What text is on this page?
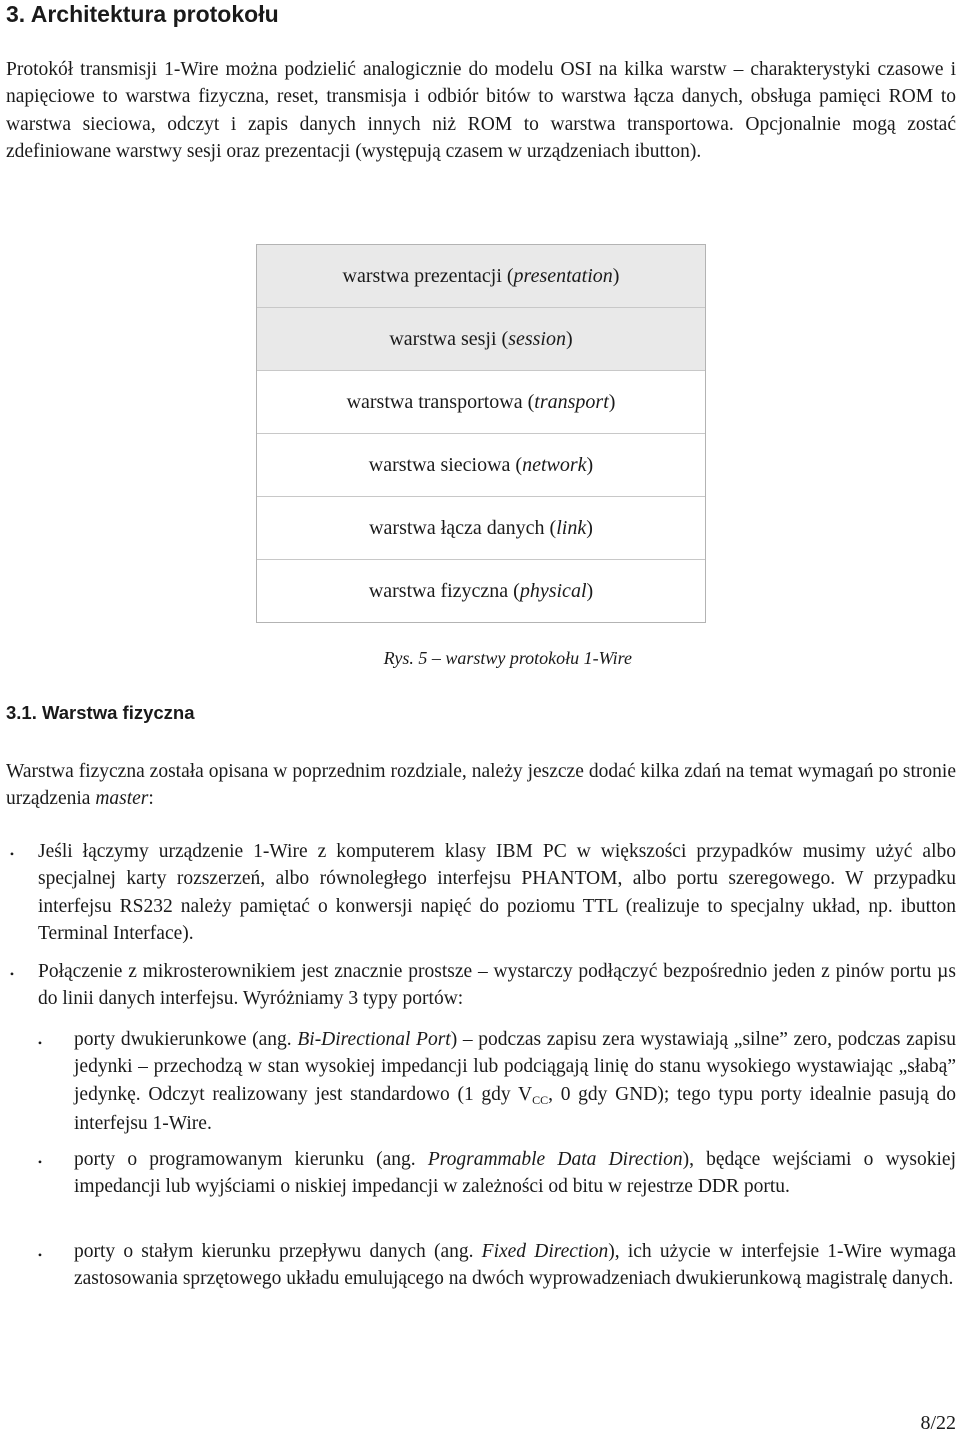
3. Architektura protokołu
Protokół transmisji 1-Wire można podzielić analogicznie do modelu OSI na kilka warstw – charakterystyki czasowe i napięciowe to warstwa fizyczna, reset, transmisja i odbiór bitów to warstwa łącza danych, obsługa pamięci ROM to warstwa sieciowa, odczyt i zapis danych innych niż ROM to warstwa transportowa. Opcjonalnie mogą zostać zdefiniowane warstwy sesji oraz prezentacji (występują czasem w urządzeniach ibutton).
warstwa prezentacji ( presentation )
warstwa sesji ( session )
warstwa transportowa ( transport )
warstwa sieciowa ( network )
warstwa łącza danych ( link )
warstwa fizyczna ( physical )
Rys. 5 – warstwy protokołu 1-Wire
3.1. Warstwa fizyczna
Warstwa fizyczna została opisana w poprzednim rozdziale, należy jeszcze dodać kilka zdań na temat wymagań po stronie urządzenia master:
•	Jeśli łączymy urządzenie 1-Wire z komputerem klasy IBM PC w większości przypadków musimy użyć albo specjalnej karty rozszerzeń, albo równoległego interfejsu PHANTOM, albo portu szeregowego. W przypadku interfejsu RS232 należy pamiętać o konwersji napięć do poziomu TTL (realizuje to specjalny układ, np. ibutton Terminal Interface).
•	Połączenie z mikrosterownikiem jest znacznie prostsze – wystarczy podłączyć bezpośrednio jeden z pinów portu µs do linii danych interfejsu. Wyróżniamy 3 typy portów:
•	porty dwukierunkowe (ang. Bi-Directional Port) – podczas zapisu zera wystawiają „silne” zero, podczas zapisu jedynki – przechodzą w stan wysokiej impedancji lub podciągają linię do stanu wysokiego wystawiając „słabą” jedynkę. Odczyt realizowany jest standardowo (1 gdy $V_{CC}$, 0 gdy GND); tego typu porty idealnie pasują do interfejsu 1-Wire.
•	porty o programowanym kierunku (ang. Programmable Data Direction), będące wejściami o wysokiej impedancji lub wyjściami o niskiej impedancji w zależności od bitu w rejestrze DDR portu.
•	porty o stałym kierunku przepływu danych (ang. Fixed Direction), ich użycie w interfejsie 1-Wire wymaga zastosowania sprzętowego układu emulującego na dwóch wyprowadzeniach dwukierunkową magistralę danych.
8/22
